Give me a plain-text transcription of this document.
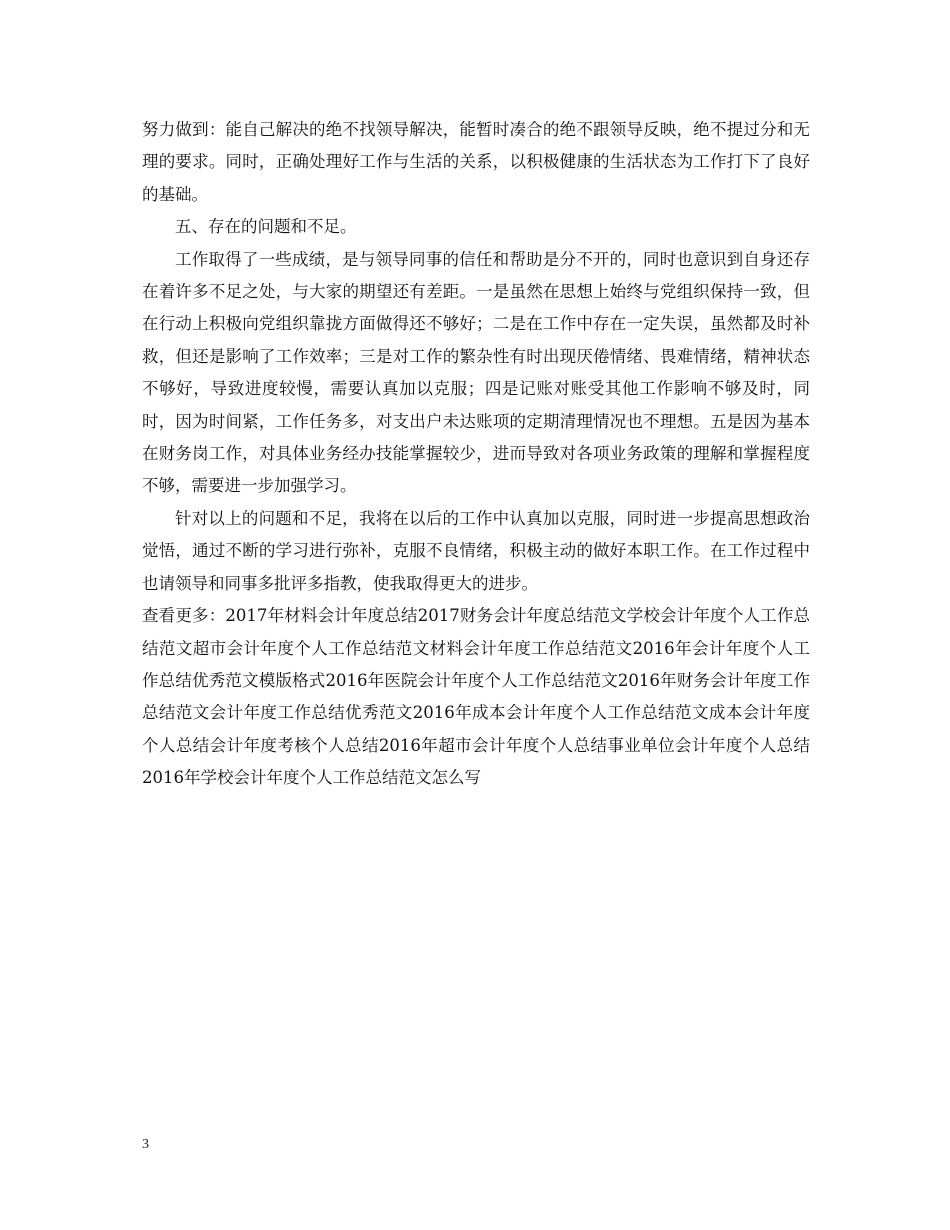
努力做到：能自己解决的绝不找领导解决，能暂时凑合的绝不跟领导反映，绝不提过分和无理的要求。同时，正确处理好工作与生活的关系，以积极健康的生活状态为工作打下了良好的基础。

五、存在的问题和不足。

工作取得了一些成绩，是与领导同事的信任和帮助是分不开的，同时也意识到自身还存在着许多不足之处，与大家的期望还有差距。一是虽然在思想上始终与党组织保持一致，但在行动上积极向党组织靠拢方面做得还不够好；二是在工作中存在一定失误，虽然都及时补救，但还是影响了工作效率；三是对工作的繁杂性有时出现厌倦情绪、畏难情绪，精神状态不够好，导致进度较慢，需要认真加以克服；四是记账对账受其他工作影响不够及时，同时，因为时间紧，工作任务多，对支出户未达账项的定期清理情况也不理想。五是因为基本在财务岗工作，对具体业务经办技能掌握较少，进而导致对各项业务政策的理解和掌握程度不够，需要进一步加强学习。

针对以上的问题和不足，我将在以后的工作中认真加以克服，同时进一步提高思想政治觉悟，通过不断的学习进行弥补，克服不良情绪，积极主动的做好本职工作。在工作过程中也请领导和同事多批评多指教，使我取得更大的进步。

查看更多：2017年材料会计年度总结2017财务会计年度总结范文学校会计年度个人工作总结范文超市会计年度个人工作总结范文材料会计年度工作总结范文2016年会计年度个人工作总结优秀范文模版格式2016年医院会计年度个人工作总结范文2016年财务会计年度工作总结范文会计年度工作总结优秀范文2016年成本会计年度个人工作总结范文成本会计年度个人总结会计年度考核个人总结2016年超市会计年度个人总结事业单位会计年度个人总结2016年学校会计年度个人工作总结范文怎么写

3
